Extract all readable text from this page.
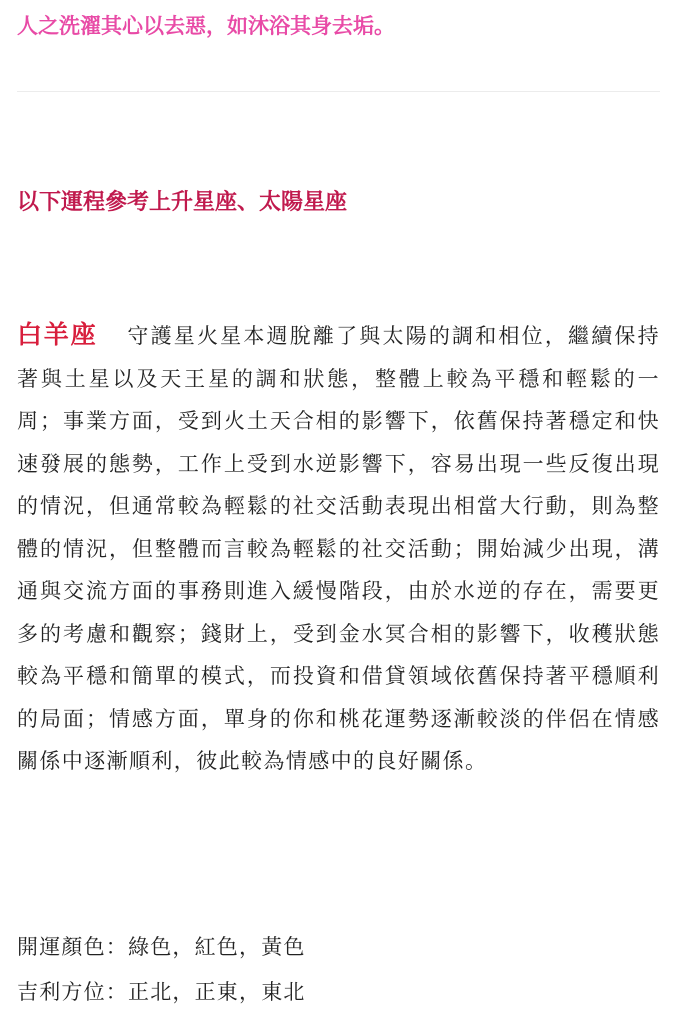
人之洗濯其心以去惡，如沐浴其身去垢。

以下運程參考上升星座、太陽星座

白羊座 守護星火星本週脫離了與太陽的調和相位，繼續保持著與土星以及天王星的調和狀態，整體上較為平穩和輕鬆的一周；事業方面，受到火土天合相的影響下，依舊保持著穩定和快速發展的態勢，工作上受到水逆影響下，容易出現一些反復出現的情況，但通常較為輕鬆的社交活動表現出相當大行動，則為整體的情況，但整體而言較為輕鬆的社交活動；開始減少出現，溝通與交流方面的事務則進入緩慢階段，由於水逆的存在，需要更多的考慮和觀察；錢財上，受到金水冥合相的影響下，收穫狀態較為平穩和簡單的模式，而投資和借貸領域依舊保持著平穩順利的局面；情感方面，單身的你和桃花運勢逐漸較淡的伴侶在情感關係中逐漸順利，彼此較為情感中的良好關係。

開運顏色：綠色，紅色，黃色

吉利方位：正北，正東，東北
